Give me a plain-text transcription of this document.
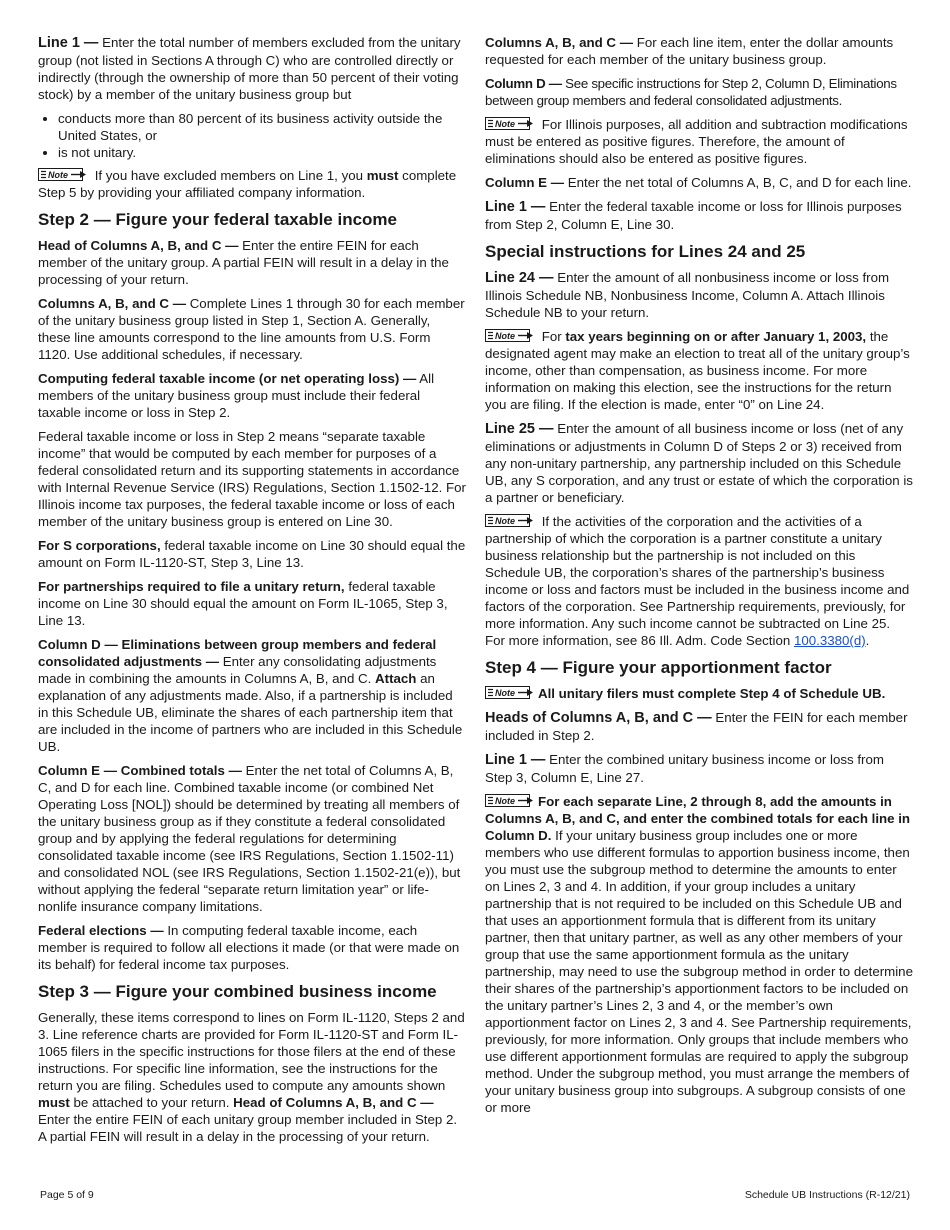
Line 1 — Enter the total number of members excluded from the unitary group (not listed in Sections A through C) who are controlled directly or indirectly (through the ownership of more than 50 percent of their voting stock) by a member of the unitary business group but

• conducts more than 80 percent of its business activity outside the United States, or
• is not unitary.

If you have excluded members on Line 1, you must complete Step 5 by providing your affiliated company information.

Step 2 — Figure your federal taxable income

Head of Columns A, B, and C — Enter the entire FEIN for each member of the unitary group. A partial FEIN will result in a delay in the processing of your return.

Columns A, B, and C — Complete Lines 1 through 30 for each member of the unitary business group listed in Step 1, Section A. Generally, these line amounts correspond to the line amounts from U.S. Form 1120. Use additional schedules, if necessary.

Computing federal taxable income (or net operating loss) — All members of the unitary business group must include their federal taxable income or loss in Step 2.

Federal taxable income or loss in Step 2 means “separate taxable income” that would be computed by each member for purposes of a federal consolidated return and its supporting statements in accordance with Internal Revenue Service (IRS) Regulations, Section 1.1502-12. For Illinois income tax purposes, the federal taxable income or loss of each member of the unitary business group is entered on Line 30.

For S corporations, federal taxable income on Line 30 should equal the amount on Form IL-1120-ST, Step 3, Line 13.

For partnerships required to file a unitary return, federal taxable income on Line 30 should equal the amount on Form IL-1065, Step 3, Line 13.

Column D — Eliminations between group members and federal consolidated adjustments — Enter any consolidating adjustments made in combining the amounts in Columns A, B, and C. Attach an explanation of any adjustments made. Also, if a partnership is included in this Schedule UB, eliminate the shares of each partnership item that are included in the income of partners who are included in this Schedule UB.

Column E — Combined totals — Enter the net total of Columns A, B, C, and D for each line. Combined taxable income (or combined Net Operating Loss [NOL]) should be determined by treating all members of the unitary business group as if they constitute a federal consolidated group and by applying the federal regulations for determining consolidated taxable income (see IRS Regulations, Section 1.1502-11) and consolidated NOL (see IRS Regulations, Section 1.1502-21(e)), but without applying the federal “separate return limitation year” or life-nonlife insurance company limitations.

Federal elections — In computing federal taxable income, each member is required to follow all elections it made (or that were made on its behalf) for federal income tax purposes.

Step 3 — Figure your combined business income

Generally, these items correspond to lines on Form IL-1120, Steps 2 and 3. Line reference charts are provided for Form IL-1120-ST and Form IL-1065 filers in the specific instructions for those filers at the end of these instructions. For specific line information, see the instructions for the return you are filing. Schedules used to compute any amounts shown must be attached to your return. Head of Columns A, B, and C — Enter the entire FEIN of each unitary group member included in Step 2. A partial FEIN will result in a delay in the processing of your return.

Columns A, B, and C — For each line item, enter the dollar amounts requested for each member of the unitary business group.

Column D — See specific instructions for Step 2, Column D, Eliminations between group members and federal consolidated adjustments.

For Illinois purposes, all addition and subtraction modifications must be entered as positive figures. Therefore, the amount of eliminations should also be entered as positive figures.

Column E — Enter the net total of Columns A, B, C, and D for each line.

Line 1 — Enter the federal taxable income or loss for Illinois purposes from Step 2, Column E, Line 30.

Special instructions for Lines 24 and 25

Line 24 — Enter the amount of all nonbusiness income or loss from Illinois Schedule NB, Nonbusiness Income, Column A. Attach Illinois Schedule NB to your return.

For tax years beginning on or after January 1, 2003, the designated agent may make an election to treat all of the unitary group’s income, other than compensation, as business income. For more information on making this election, see the instructions for the return you are filing. If the election is made, enter “0” on Line 24.

Line 25 — Enter the amount of all business income or loss (net of any eliminations or adjustments in Column D of Steps 2 or 3) received from any non-unitary partnership, any partnership included on this Schedule UB, any S corporation, and any trust or estate of which the corporation is a partner or beneficiary.

If the activities of the corporation and the activities of a partnership of which the corporation is a partner constitute a unitary business relationship but the partnership is not included on this Schedule UB, the corporation’s shares of the partnership’s business income or loss and factors must be included in the business income and factors of the corporation. See Partnership requirements, previously, for more information. Any such income cannot be subtracted on Line 25. For more information, see 86 Ill. Adm. Code Section 100.3380(d).

Step 4 — Figure your apportionment factor

All unitary filers must complete Step 4 of Schedule UB.

Heads of Columns A, B, and C — Enter the FEIN for each member included in Step 2.

Line 1 — Enter the combined unitary business income or loss from Step 3, Column E, Line 27.

For each separate Line, 2 through 8, add the amounts in Columns A, B, and C, and enter the combined totals for each line in Column D. If your unitary business group includes one or more members who use different formulas to apportion business income, then you must use the subgroup method to determine the amounts to enter on Lines 2, 3 and 4. In addition, if your group includes a unitary partnership that is not required to be included on this Schedule UB and that uses an apportionment formula that is different from its unitary partner, then that unitary partner, as well as any other members of your group that use the same apportionment formula as the unitary partnership, may need to use the subgroup method in order to determine their shares of the partnership’s apportionment factors to be included on the unitary partner’s Lines 2, 3 and 4, or the member’s own apportionment factor on Lines 2, 3 and 4. See Partnership requirements, previously, for more information. Only groups that include members who use different apportionment formulas are required to apply the subgroup method. Under the subgroup method, you must arrange the members of your unitary business group into subgroups. A subgroup consists of one or more

Page 5 of 9	Schedule UB Instructions (R-12/21)
